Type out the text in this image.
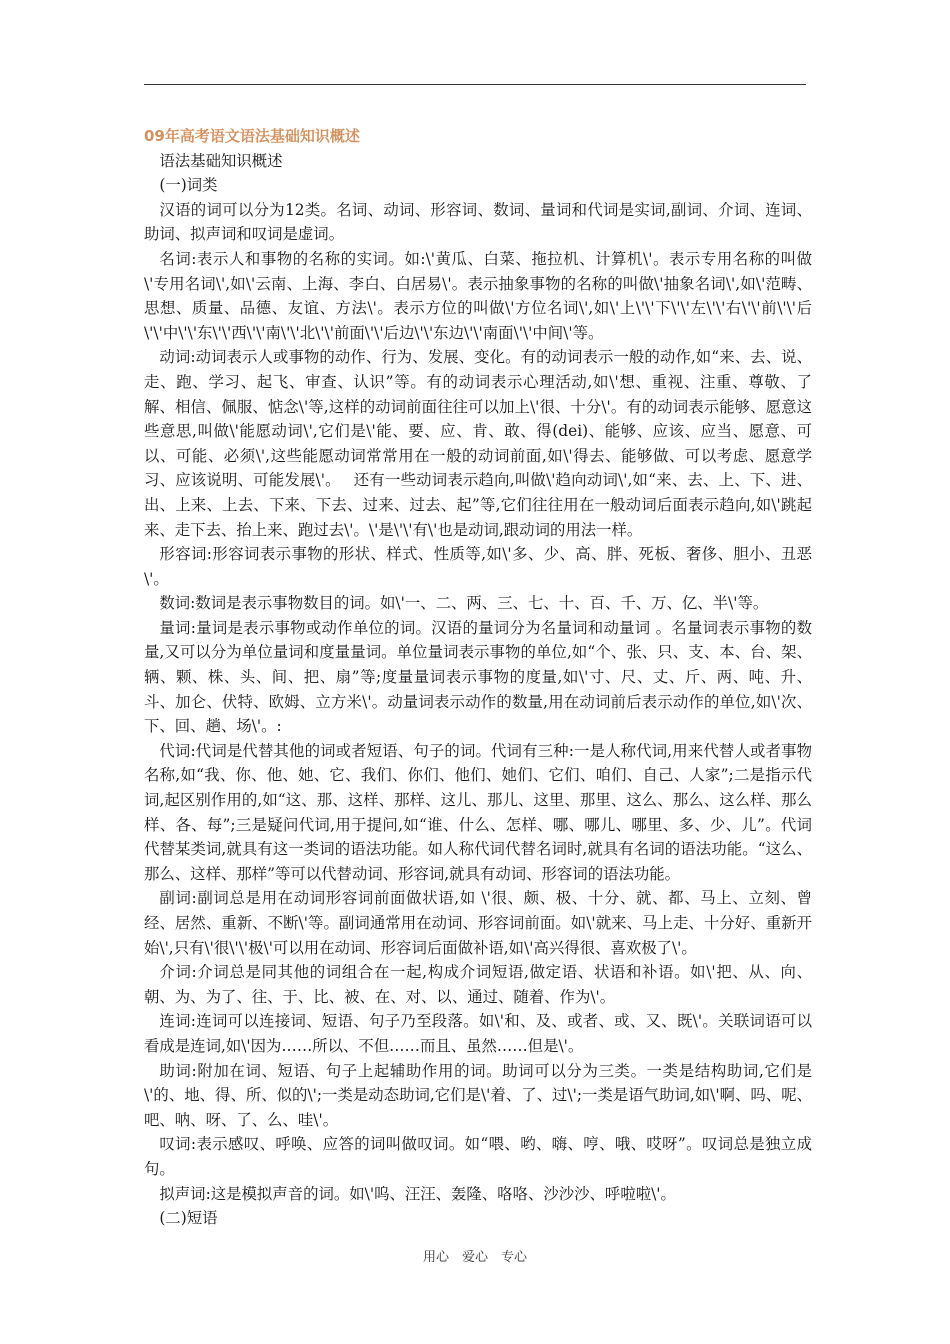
09年高考语文语法基础知识概述

语法基础知识概述

(一)词类

汉语的词可以分为12类。名词、动词、形容词、数词、量词和代词是实词,副词、介词、连词、助词、拟声词和叹词是虚词。

名词:表示人和事物的名称的实词。如:\'黄瓜、白菜、拖拉机、计算机\'。表示专用名称的叫做\'专用名词\',如\'云南、上海、李白、白居易\'。表示抽象事物的名称的叫做\'抽象名词\',如\'范畴、思想、质量、品德、友谊、方法\'。表示方位的叫做\'方位名词\',如\'上\'\'下\'\'左\'\'右\'\'前\'\'后\'\'中\'\'东\'\'西\'\'南\'\'北\'\'前面\'\'后边\'\'东边\'\'南面\'\'中间\'等。

动词:动词表示人或事物的动作、行为、发展、变化。有的动词表示一般的动作,如“来、去、说、走、跑、学习、起飞、审查、认识”等。有的动词表示心理活动,如\'想、重视、注重、尊敬、了解、相信、佩服、惦念\'等,这样的动词前面往往可以加上\'很、十分\'。有的动词表示能够、愿意这些意思,叫做\'能愿动词\',它们是\'能、要、应、肯、敢、得(dei)、能够、应该、应当、愿意、可以、可能、必须\',这些能愿动词常常用在一般的动词前面,如\'得去、能够做、可以考虑、愿意学习、应该说明、可能发展\'。　 还有一些动词表示趋向,叫做\'趋向动词\',如“来、去、上、下、进、出、上来、上去、下来、下去、过来、过去、起”等,它们往往用在一般动词后面表示趋向,如\'跳起来、走下去、抬上来、跑过去\'。\'是\'\'有\'也是动词,跟动词的用法一样。

形容词:形容词表示事物的形状、样式、性质等,如\'多、少、高、胖、死板、奢侈、胆小、丑恶\'。

数词:数词是表示事物数目的词。如\'一、二、两、三、七、十、百、千、万、亿、半\'等。

量词:量词是表示事物或动作单位的词。汉语的量词分为名量词和动量词 。名量词表示事物的数量,又可以分为单位量词和度量量词。单位量词表示事物的单位,如“个、张、只、支、本、台、架、辆、颗、株、头、间、把、扇”等;度量量词表示事物的度量,如\'寸、尺、丈、斤、两、吨、升、斗、加仑、伏特、欧姆、立方米\'。动量词表示动作的数量,用在动词前后表示动作的单位,如\'次、下、回、趟、场\'。:

代词:代词是代替其他的词或者短语、句子的词。代词有三种:一是人称代词,用来代替人或者事物名称,如“我、你、他、她、它、我们、你们、他们、她们、它们、咱们、自己、人家”;二是指示代词,起区别作用的,如“这、那、这样、那样、这儿、那儿、这里、那里、这么、那么、这么样、那么样、各、每”;三是疑问代词,用于提问,如“谁、什么、怎样、哪、哪儿、哪里、多、少、儿”。代词代替某类词,就具有这一类词的语法功能。如人称代词代替名词时,就具有名词的语法功能。“这么、那么、这样、那样”等可以代替动词、形容词,就具有动词、形容词的语法功能。

副词:副词总是用在动词形容词前面做状语,如 \'很、颇、极、十分、就、都、马上、立刻、曾经、居然、重新、不断\'等。副词通常用在动词、形容词前面。如\'就来、马上走、十分好、重新开始\',只有\'很\'\'极\'可以用在动词、形容词后面做补语,如\'高兴得很、喜欢极了\'。

介词:介词总是同其他的词组合在一起,构成介词短语,做定语、状语和补语。如\'把、从、向、朝、为、为了、往、于、比、被、在、对、以、通过、随着、作为\'。

连词:连词可以连接词、短语、句子乃至段落。如\'和、及、或者、或、又、既\'。关联词语可以看成是连词,如\'因为……所以、不但……而且、虽然……但是\'。

助词:附加在词、短语、句子上起辅助作用的词。助词可以分为三类。一类是结构助词,它们是\'的、地、得、所、似的\';一类是动态助词,它们是\'着、了、过\';一类是语气助词,如\'啊、吗、呢、吧、呐、呀、了、么、哇\'。

叹词:表示感叹、呼唤、应答的词叫做叹词。如“喂、哟、嗨、哼、哦、哎呀”。叹词总是独立成句。

拟声词:这是模拟声音的词。如\'呜、汪汪、轰隆、咯咯、沙沙沙、呼啦啦\'。

(二)短语

用心　爱心　专心
